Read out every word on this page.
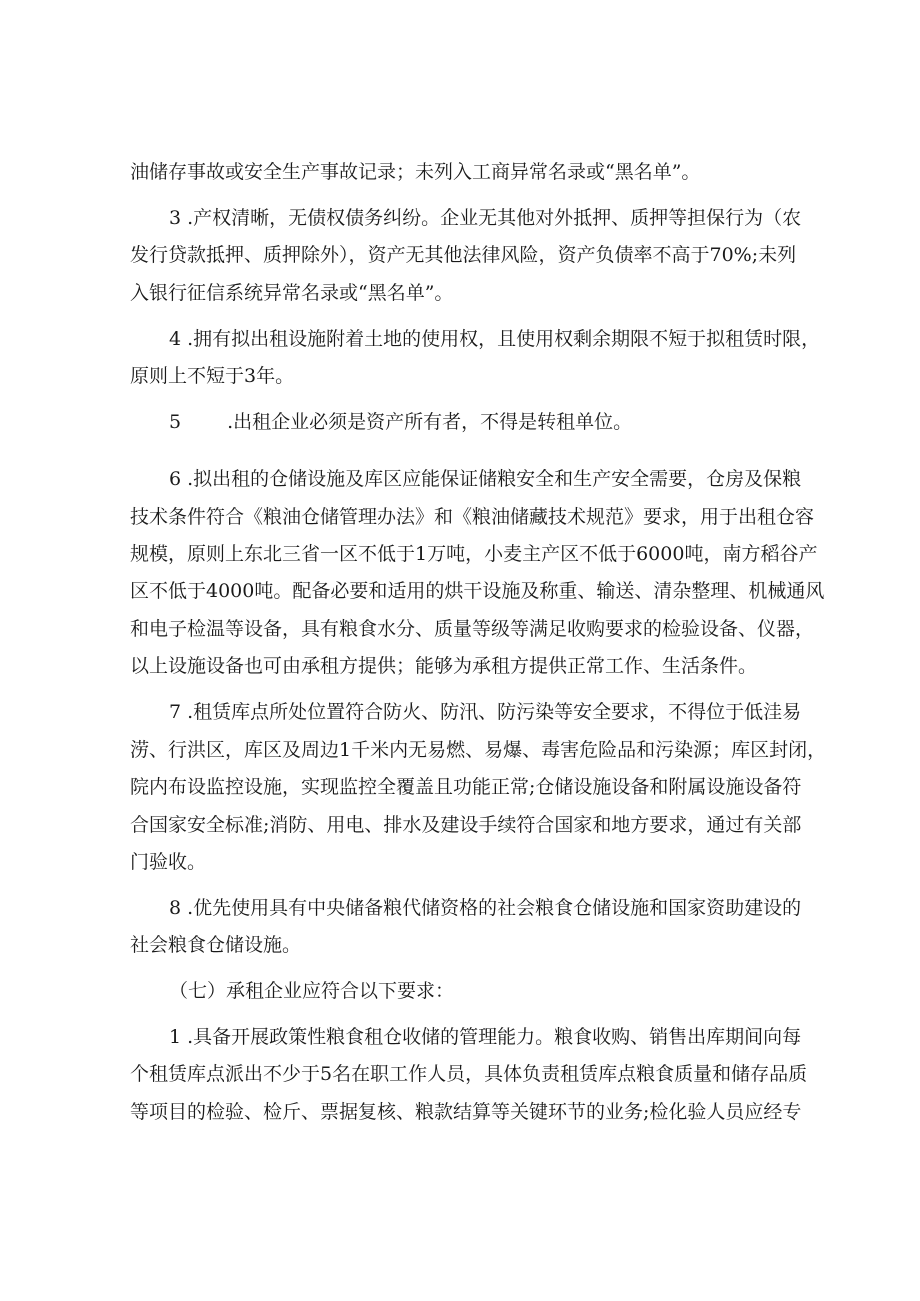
油储存事故或安全生产事故记录；未列入工商异常名录或“黑名单”。
3 .产权清晰，无债权债务纠纷。企业无其他对外抵押、质押等担保行为（农
发行贷款抵押、质押除外），资产无其他法律风险，资产负债率不高于70%;未列
入银行征信系统异常名录或“黑名单”。
4 .拥有拟出租设施附着土地的使用权，且使用权剩余期限不短于拟租赁时限，
原则上不短于3年。
5 .出租企业必须是资产所有者，不得是转租单位。
6 .拟出租的仓储设施及库区应能保证储粮安全和生产安全需要，仓房及保粮
技术条件符合《粮油仓储管理办法》和《粮油储藏技术规范》要求，用于出租仓容
规模，原则上东北三省一区不低于1万吨，小麦主产区不低于6000吨，南方稻谷产
区不低于4000吨。配备必要和适用的烘干设施及称重、输送、清杂整理、机械通风
和电子检温等设备，具有粮食水分、质量等级等满足收购要求的检验设备、仪器，
以上设施设备也可由承租方提供；能够为承租方提供正常工作、生活条件。
7 .租赁库点所处位置符合防火、防汛、防污染等安全要求，不得位于低洼易
涝、行洪区，库区及周边1千米内无易燃、易爆、毒害危险品和污染源；库区封闭，
院内布设监控设施，实现监控全覆盖且功能正常;仓储设施设备和附属设施设备符
合国家安全标准;消防、用电、排水及建设手续符合国家和地方要求，通过有关部
门验收。
8 .优先使用具有中央储备粮代储资格的社会粮食仓储设施和国家资助建设的
社会粮食仓储设施。
（七）承租企业应符合以下要求：
1 .具备开展政策性粮食租仓收储的管理能力。粮食收购、销售出库期间向每
个租赁库点派出不少于5名在职工作人员，具体负责租赁库点粮食质量和储存品质
等项目的检验、检斤、票据复核、粮款结算等关键环节的业务;检化验人员应经专
